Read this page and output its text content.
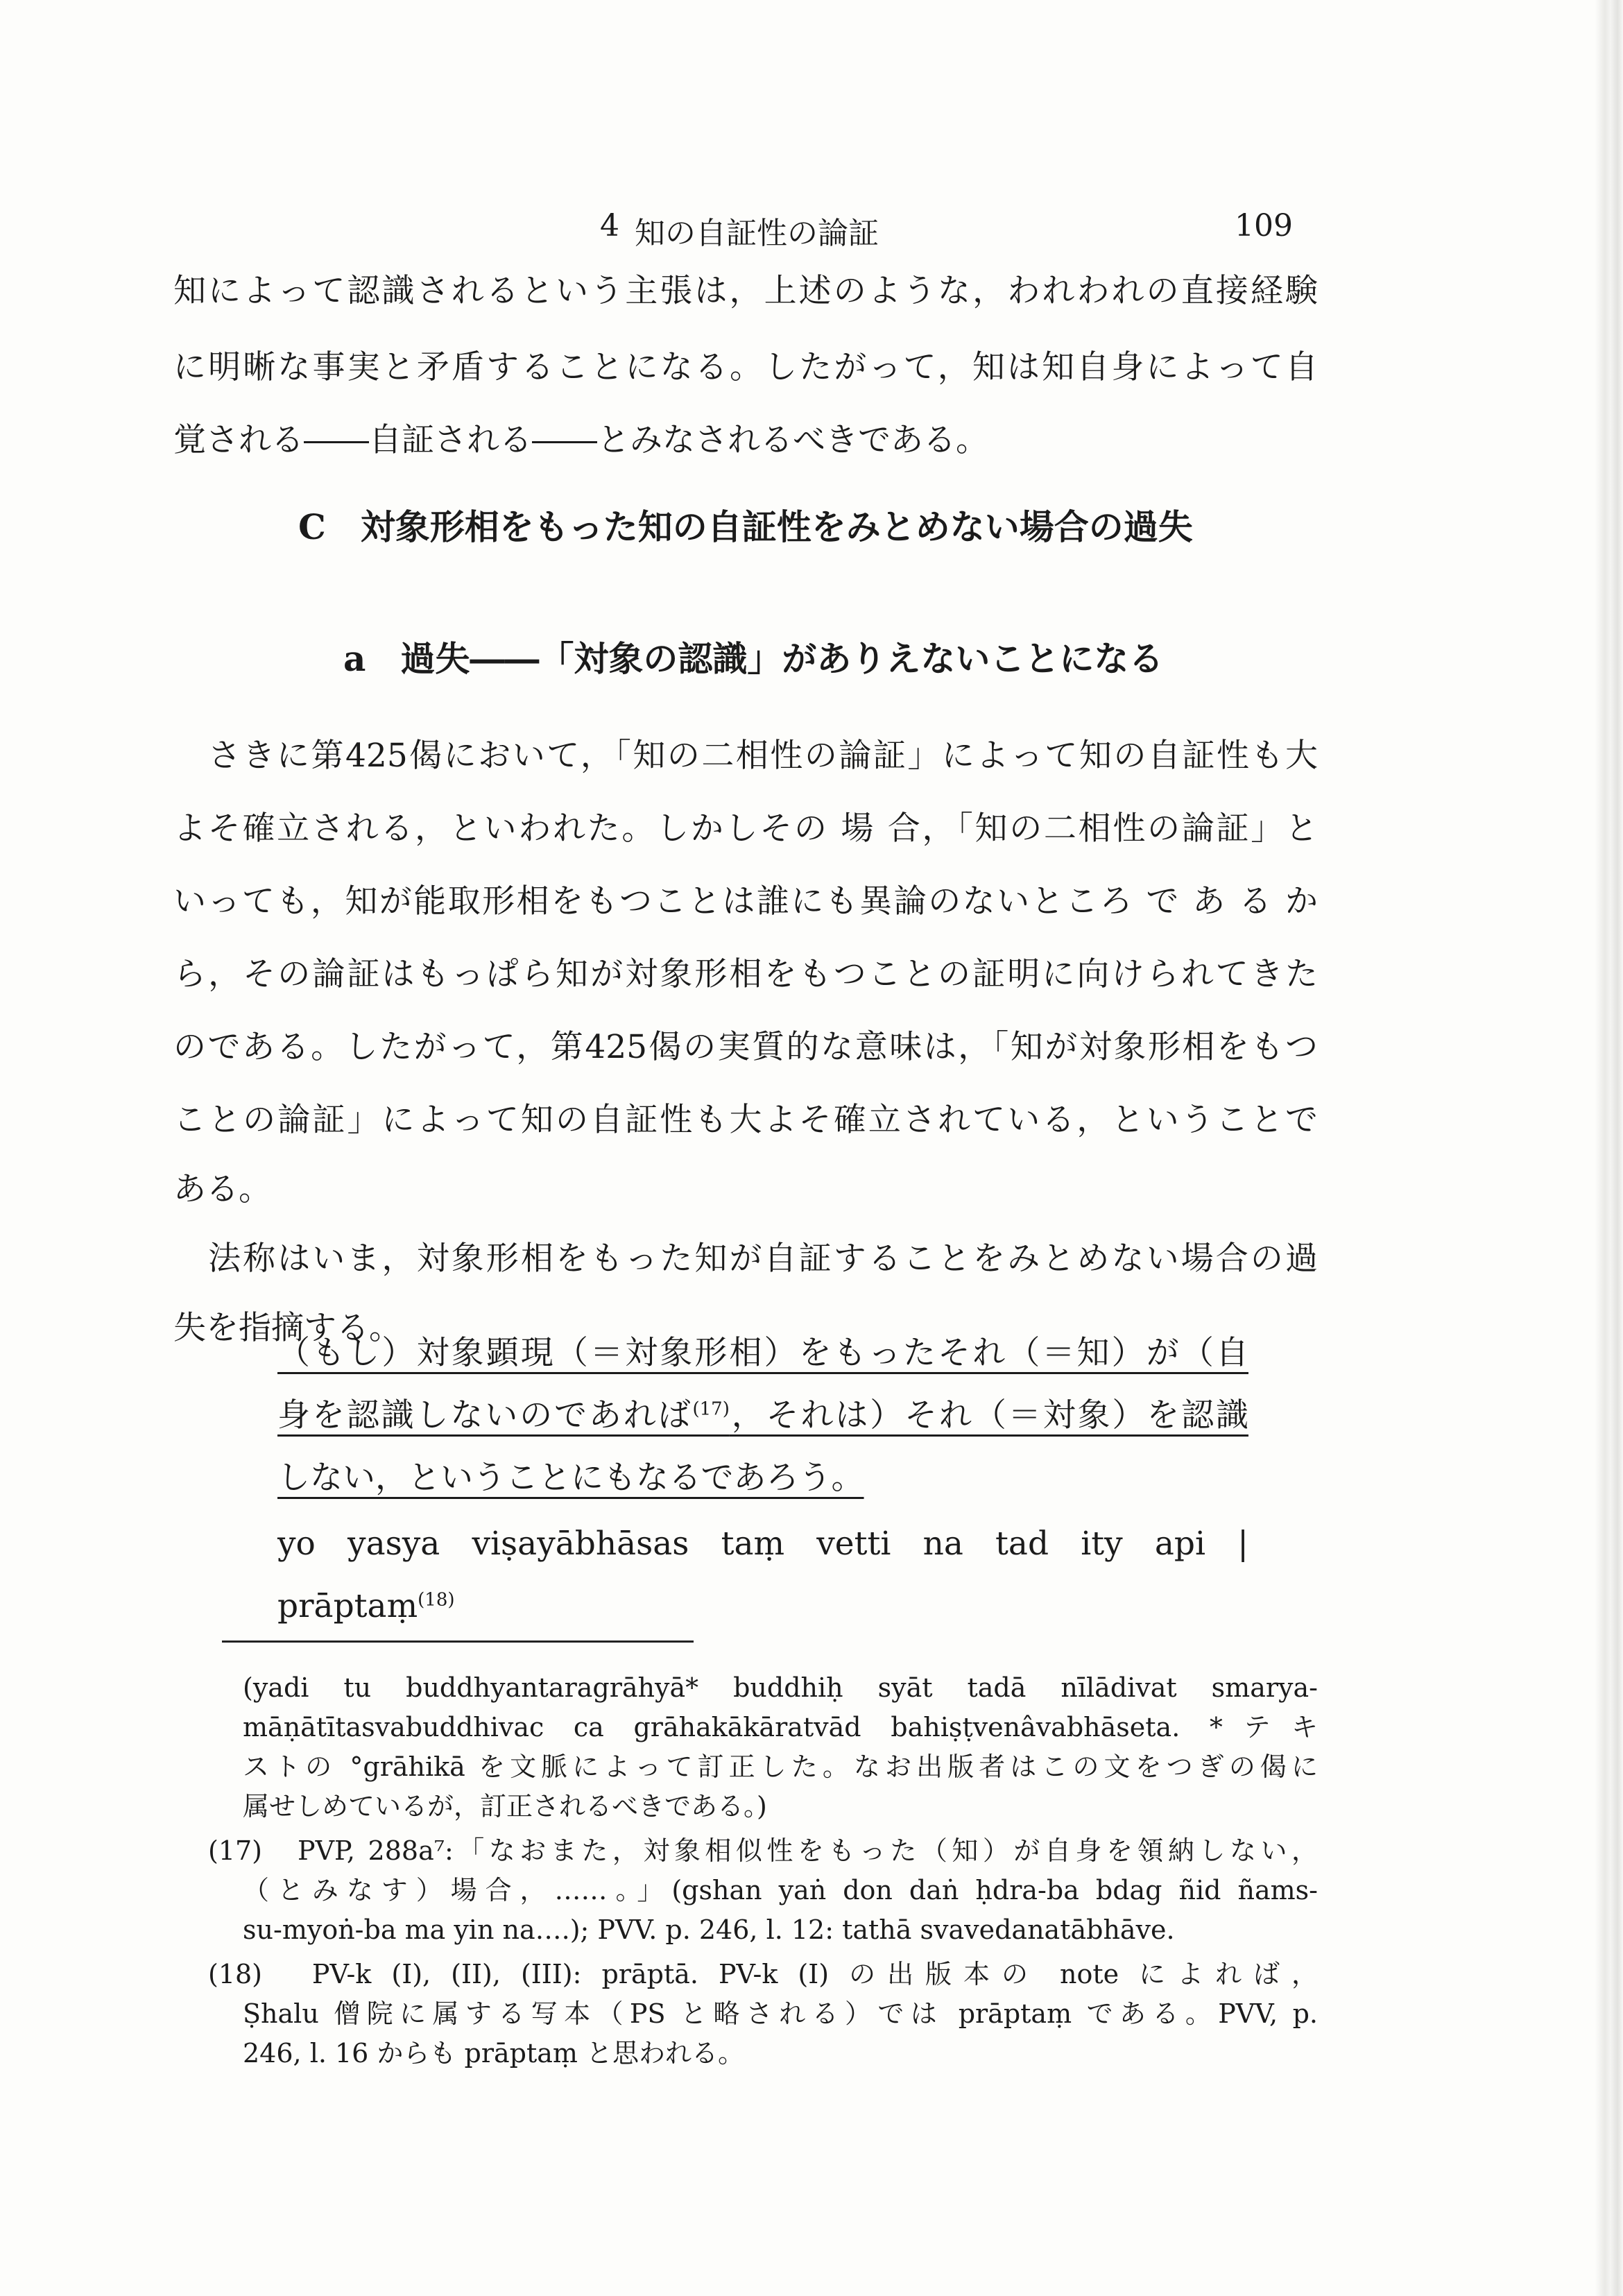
4 知の自証性の論証	109
知によって認識されるという主張は，上述のような，われわれの直接経験
に明晰な事実と矛盾することになる。したがって，知は知自身によって自
覚される――自証される――とみなされるべきである。
C　対象形相をもった知の自証性をみとめない場合の過失
a　過失――「対象の認識」がありえないことになる
さきに第425偈において，「知の二相性の論証」によって知の自証性も大
よそ確立される，といわれた。しかしその 場 合，「知の二相性の論証」と
いっても，知が能取形相をもつことは誰にも異論のないところ で あ る か
ら，その論証はもっぱら知が対象形相をもつことの証明に向けられてきた
のである。したがって，第425偈の実質的な意味は，「知が対象形相をもつ
ことの論証」によって知の自証性も大よそ確立されている，ということで
ある。
法称はいま，対象形相をもった知が自証することをみとめない場合の過
失を指摘する。
（もし）対象顕現（＝対象形相）をもったそれ（＝知）が（自
身を認識しないのであれば$^{(17)}$，それは）それ（＝対象）を認識
しない，ということにもなるであろう。
yo yasya viṣayābhāsas taṃ vetti na tad ity api |
prāptaṃ$^{(18)}$
(yadi tu buddhyantaragrāhyā* buddhiḥ syāt tadā nīlādivat smarya-
māṇātītasvabuddhivac ca grāhakākāratvād bahiṣṭvenâvabhāseta. *テキ
ストの °grāhikā を文脈によって訂正した。なお出版者はこの文をつぎの偈に
属せしめているが，訂正されるべきである。)
(17)　PVP, 288a⁷:「なおまた，対象相似性をもった（知）が自身を領納しない，
（とみなす）場合，……。」(gshan yaṅ don daṅ ḥdra-ba bdag ñid ñams-
su-myoṅ-ba ma yin na….); PVV. p. 246, l. 12: tathā svavedanatābhāve.
(18)　PV-k (I), (II), (III): prāptā. PV-k (I) の出版本の note によれば，
Ṣhalu 僧院に属する写本（PS と略される）では prāptaṃ である。PVV, p.
246, l. 16 からも prāptaṃ と思われる。
